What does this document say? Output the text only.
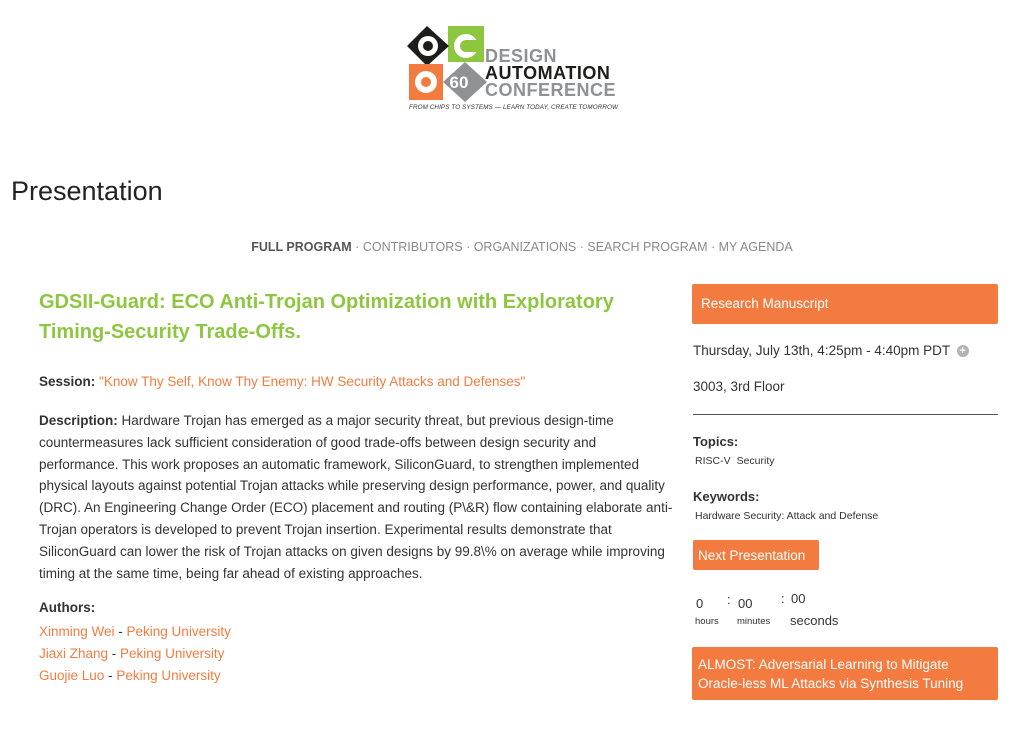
60
DESIGN
AUTOMATION
CONFERENCE
FROM CHIPS TO SYSTEMS — LEARN TODAY, CREATE TOMORROW
Presentation
FULL PROGRAM · CONTRIBUTORS · ORGANIZATIONS · SEARCH PROGRAM · MY AGENDA
GDSII-Guard: ECO Anti-Trojan Optimization with Exploratory Timing-Security Trade-Offs.
Session: "Know Thy Self, Know Thy Enemy: HW Security Attacks and Defenses"
Description: Hardware Trojan has emerged as a major security threat, but previous design-time countermeasures lack sufficient consideration of good trade-offs between design security and performance. This work proposes an automatic framework, SiliconGuard, to strengthen implemented physical layouts against potential Trojan attacks while preserving design performance, power, and quality (DRC). An Engineering Change Order (ECO) placement and routing (P\&R) flow containing elaborate anti-Trojan operators is developed to prevent Trojan insertion. Experimental results demonstrate that SiliconGuard can lower the risk of Trojan attacks on given designs by 99.8\% on average while improving timing at the same time, being far ahead of existing approaches.
Authors:
Xinming Wei - Peking University
Jiaxi Zhang - Peking University
Guojie Luo - Peking University
Research Manuscript
Thursday, July 13th, 4:25pm - 4:40pm PDT +
3003, 3rd Floor
Topics:
RISC-V Security
Keywords:
Hardware Security: Attack and Defense
Next Presentation
0 : 00 : 00
hours minutes seconds
ALMOST: Adversarial Learning to Mitigate Oracle-less ML Attacks via Synthesis Tuning
